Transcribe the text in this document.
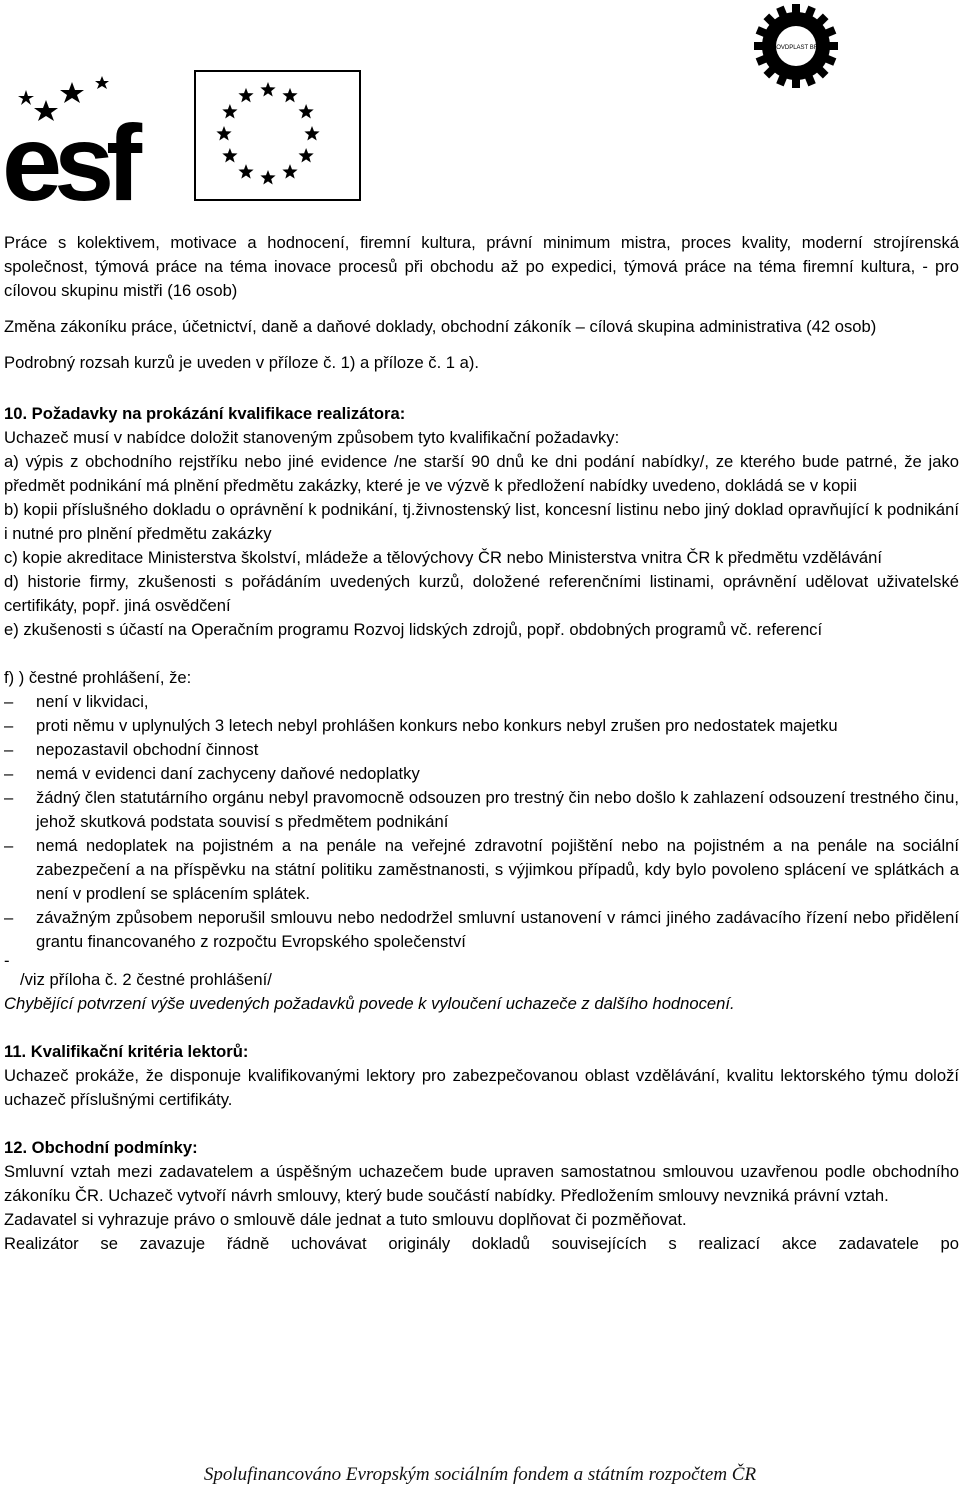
esf
KALOVDPLAST BRNO

Práce s kolektivem, motivace a hodnocení, firemní kultura, právní minimum mistra, proces kvality, moderní strojírenská společnost, týmová práce na téma inovace procesů při obchodu až po expedici, týmová práce na téma firemní kultura, - pro cílovou skupinu mistři (16 osob)

Změna zákoníku práce, účetnictví, daně a daňové doklady, obchodní zákoník – cílová skupina administrativa (42 osob)

Podrobný rozsah kurzů je uveden v příloze č. 1) a příloze č. 1 a).

10. Požadavky na prokázání kvalifikace realizátora:

Uchazeč musí v nabídce doložit stanoveným způsobem tyto kvalifikační požadavky:

a) výpis z obchodního rejstříku nebo jiné evidence /ne starší 90 dnů ke dni podání nabídky/, ze kterého bude patrné, že jako předmět podnikání má plnění předmětu zakázky, které je ve výzvě k předložení nabídky uvedeno, dokládá se v kopii

b) kopii příslušného dokladu o oprávnění k podnikání, tj.živnostenský list, koncesní listinu nebo jiný doklad opravňující k podnikání i nutné pro plnění předmětu zakázky

c) kopie akreditace Ministerstva školství, mládeže a tělovýchovy ČR nebo Ministerstva vnitra ČR k předmětu vzdělávání

d) historie firmy, zkušenosti s pořádáním uvedených kurzů, doložené referenčními listinami, oprávnění udělovat uživatelské certifikáty, popř. jiná osvědčení

e) zkušenosti s účastí na Operačním programu Rozvoj lidských zdrojů, popř. obdobných programů vč. referencí

f) ) čestné prohlášení, že:

– není v likvidaci,
– proti němu v uplynulých 3 letech nebyl prohlášen konkurs nebo konkurs nebyl zrušen pro nedostatek majetku
– nepozastavil obchodní činnost
– nemá v evidenci daní zachyceny daňové nedoplatky
– žádný člen statutárního orgánu nebyl pravomocně odsouzen pro trestný čin nebo došlo k zahlazení odsouzení trestného činu, jehož skutková podstata souvisí s předmětem podnikání
– nemá nedoplatek na pojistném a na penále na veřejné zdravotní pojištění nebo na pojistném a na penále na sociální zabezpečení a na příspěvku na státní politiku zaměstnanosti, s výjimkou případů, kdy bylo povoleno splácení ve splátkách a není v prodlení se splácením splátek.
– závažným způsobem neporušil smlouvu nebo nedodržel smluvní ustanovení v rámci jiného zadávacího řízení nebo přidělení grantu financovaného z rozpočtu Evropského společenství
-
/viz příloha č. 2 čestné prohlášení/

Chybějící potvrzení výše uvedených požadavků povede k vyloučení uchazeče z dalšího hodnocení.

11. Kvalifikační kritéria lektorů:

Uchazeč prokáže, že disponuje kvalifikovanými lektory pro zabezpečovanou oblast vzdělávání, kvalitu lektorského týmu doloží uchazeč příslušnými certifikáty.

12. Obchodní podmínky:

Smluvní vztah mezi zadavatelem a úspěšným uchazečem bude upraven samostatnou smlouvou uzavřenou podle obchodního zákoníku ČR. Uchazeč vytvoří návrh smlouvy, který bude součástí nabídky. Předložením smlouvy nevzniká právní vztah.

Zadavatel si vyhrazuje právo o smlouvě dále jednat a tuto smlouvu doplňovat či pozměňovat.

Realizátor se zavazuje řádně uchovávat originály dokladů souvisejících s realizací akce zadavatele po

Spolufinancováno Evropským sociálním fondem a státním rozpočtem ČR
